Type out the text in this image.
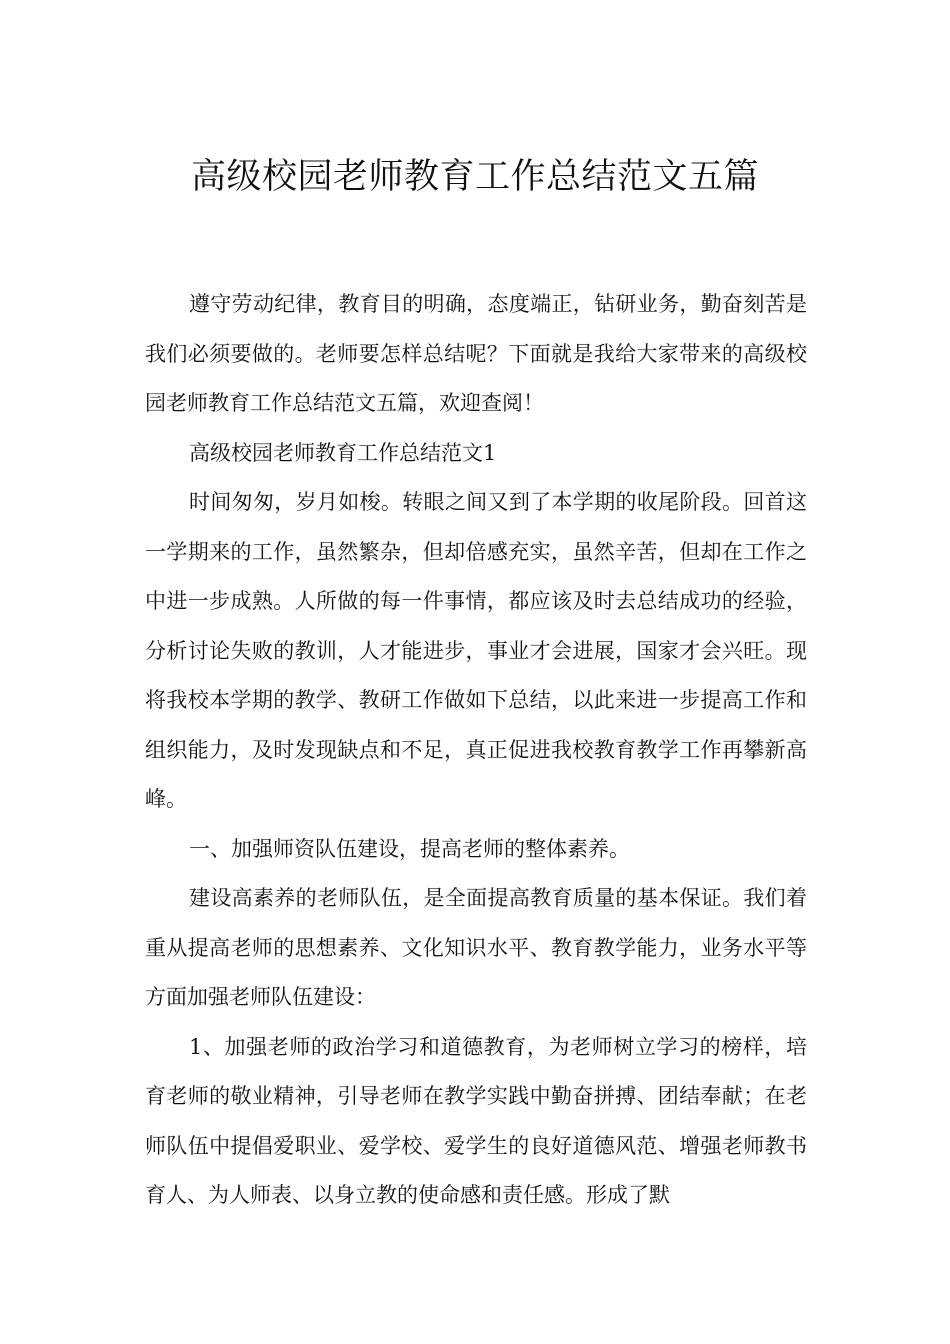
高级校园老师教育工作总结范文五篇

遵守劳动纪律，教育目的明确，态度端正，钻研业务，勤奋刻苦是我们必须要做的。老师要怎样总结呢？下面就是我给大家带来的高级校园老师教育工作总结范文五篇，欢迎查阅！

高级校园老师教育工作总结范文1

时间匆匆，岁月如梭。转眼之间又到了本学期的收尾阶段。回首这一学期来的工作，虽然繁杂，但却倍感充实，虽然辛苦，但却在工作之中进一步成熟。人所做的每一件事情，都应该及时去总结成功的经验，分析讨论失败的教训，人才能进步，事业才会进展，国家才会兴旺。现将我校本学期的教学、教研工作做如下总结，以此来进一步提高工作和组织能力，及时发现缺点和不足，真正促进我校教育教学工作再攀新高峰。

一、加强师资队伍建设，提高老师的整体素养。

建设高素养的老师队伍，是全面提高教育质量的基本保证。我们着重从提高老师的思想素养、文化知识水平、教育教学能力，业务水平等方面加强老师队伍建设：

1、加强老师的政治学习和道德教育，为老师树立学习的榜样，培育老师的敬业精神，引导老师在教学实践中勤奋拼搏、团结奉献；在老师队伍中提倡爱职业、爱学校、爱学生的良好道德风范、增强老师教书育人、为人师表、以身立教的使命感和责任感。形成了默
